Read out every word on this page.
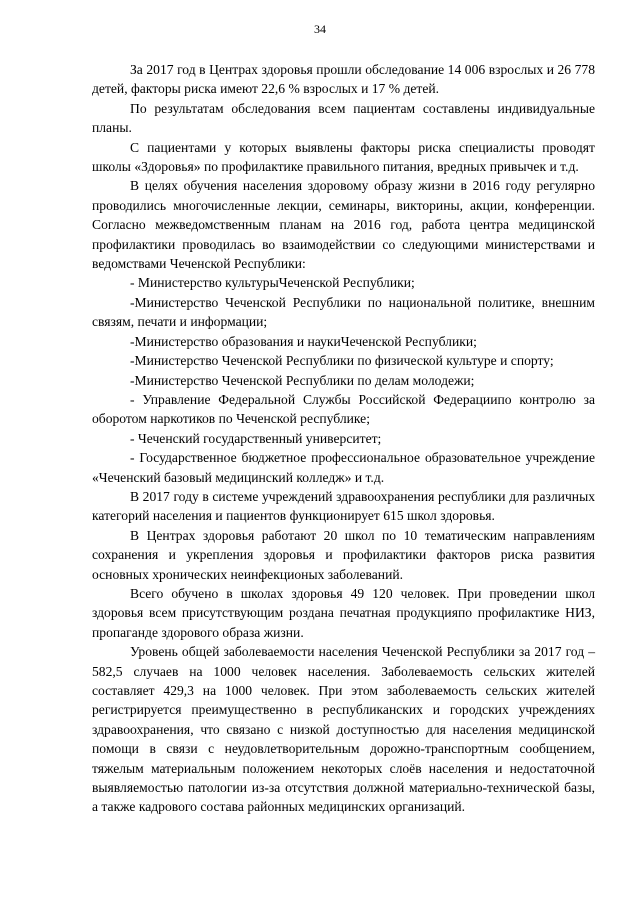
34

За 2017 год в Центрах здоровья прошли обследование 14 006 взрослых и 26 778 детей, факторы риска имеют 22,6 % взрослых и 17 % детей.

По результатам обследования всем пациентам составлены индивидуальные планы.

С пациентами у которых выявлены факторы риска специалисты проводят школы «Здоровья» по профилактике правильного питания, вредных привычек и т.д.

В целях обучения населения здоровому образу жизни в 2016 году регулярно проводились многочисленные лекции, семинары, викторины, акции, конференции. Согласно межведомственным планам на 2016 год, работа центра медицинской профилактики проводилась во взаимодействии со следующими министерствами и ведомствами Чеченской Республики:

- Министерство культурыЧеченской Республики;

-Министерство Чеченской Республики по национальной политике, внешним связям, печати и информации;

-Министерство образования и наукиЧеченской Республики;

-Министерство Чеченской Республики по физической культуре и спорту;

-Министерство Чеченской Республики по делам молодежи;

- Управление Федеральной Службы Российской Федерациипо контролю за оборотом наркотиков по Чеченской республике;

- Чеченский государственный университет;

- Государственное бюджетное профессиональное образовательное учреждение «Чеченский базовый медицинский колледж» и т.д.

В 2017 году в системе учреждений здравоохранения республики для различных категорий населения и пациентов функционирует 615 школ здоровья.

В Центрах здоровья работают 20 школ по 10 тематическим направлениям сохранения и укрепления здоровья и профилактики факторов риска развития основных хронических неинфекционых заболеваний.

Всего обучено в школах здоровья 49 120 человек. При проведении школ здоровья всем присутствующим роздана печатная продукцияпо профилактике НИЗ, пропаганде здорового образа жизни.

Уровень общей заболеваемости населения Чеченской Республики за 2017 год – 582,5 случаев на 1000 человек населения. Заболеваемость сельских жителей составляет 429,3 на 1000 человек. При этом заболеваемость сельских жителей регистрируется преимущественно в республиканских и городских учреждениях здравоохранения, что связано с низкой доступностью для населения медицинской помощи в связи с неудовлетворительным дорожно-транспортным сообщением, тяжелым материальным положением некоторых слоёв населения и недостаточной выявляемостью патологии из-за отсутствия должной материально-технической базы, а также кадрового состава районных медицинских организаций.
